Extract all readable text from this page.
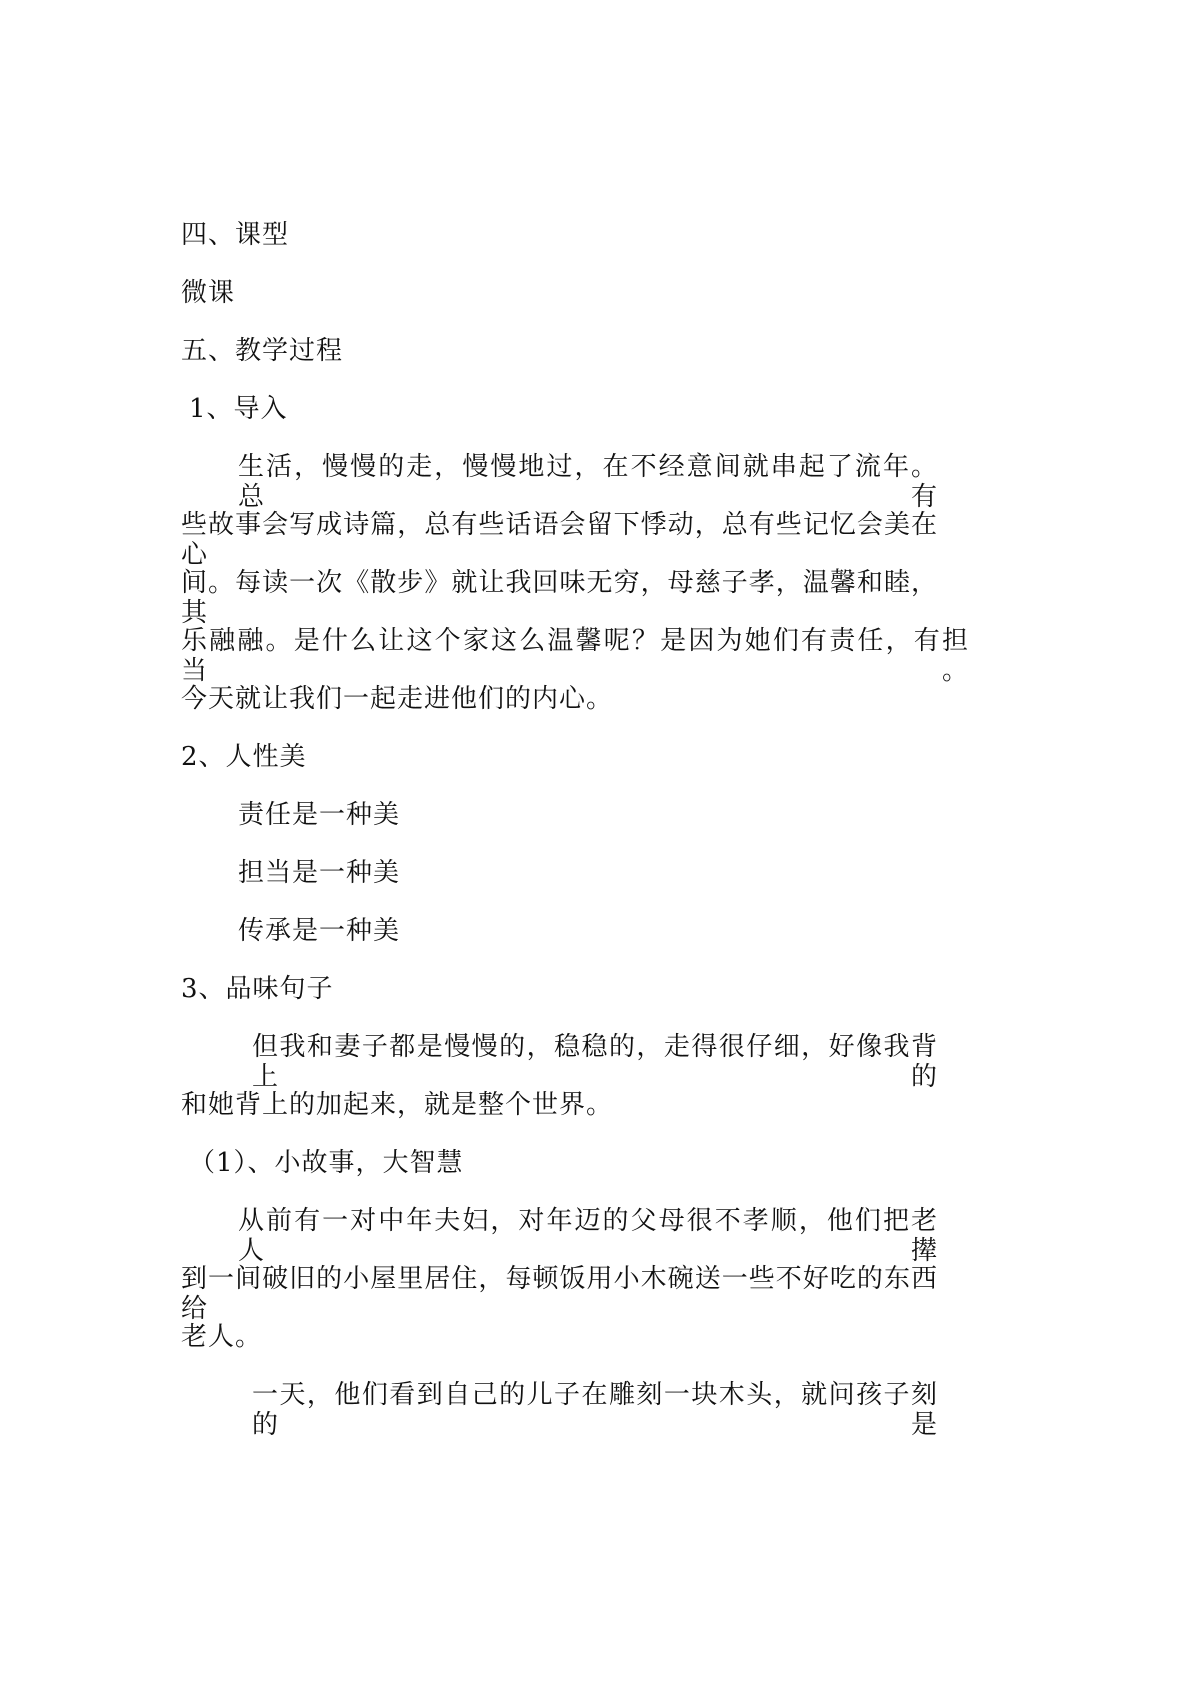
四、课型
微课
五、教学过程
1、导入
生活，慢慢的走，慢慢地过，在不经意间就串起了流年。总有
些故事会写成诗篇，总有些话语会留下悸动，总有些记忆会美在心
间。每读一次《散步》就让我回味无穷，母慈子孝，温馨和睦，其
乐融融。是什么让这个家这么温馨呢？是因为她们有责任，有担当。
今天就让我们一起走进他们的内心。
2、人性美
责任是一种美
担当是一种美
传承是一种美
3、品味句子
但我和妻子都是慢慢的，稳稳的，走得很仔细，好像我背上的
和她背上的加起来，就是整个世界。
（1）、小故事，大智慧
从前有一对中年夫妇，对年迈的父母很不孝顺，他们把老人撵
到一间破旧的小屋里居住，每顿饭用小木碗送一些不好吃的东西给
老人。
一天，他们看到自己的儿子在雕刻一块木头，就问孩子刻的是
